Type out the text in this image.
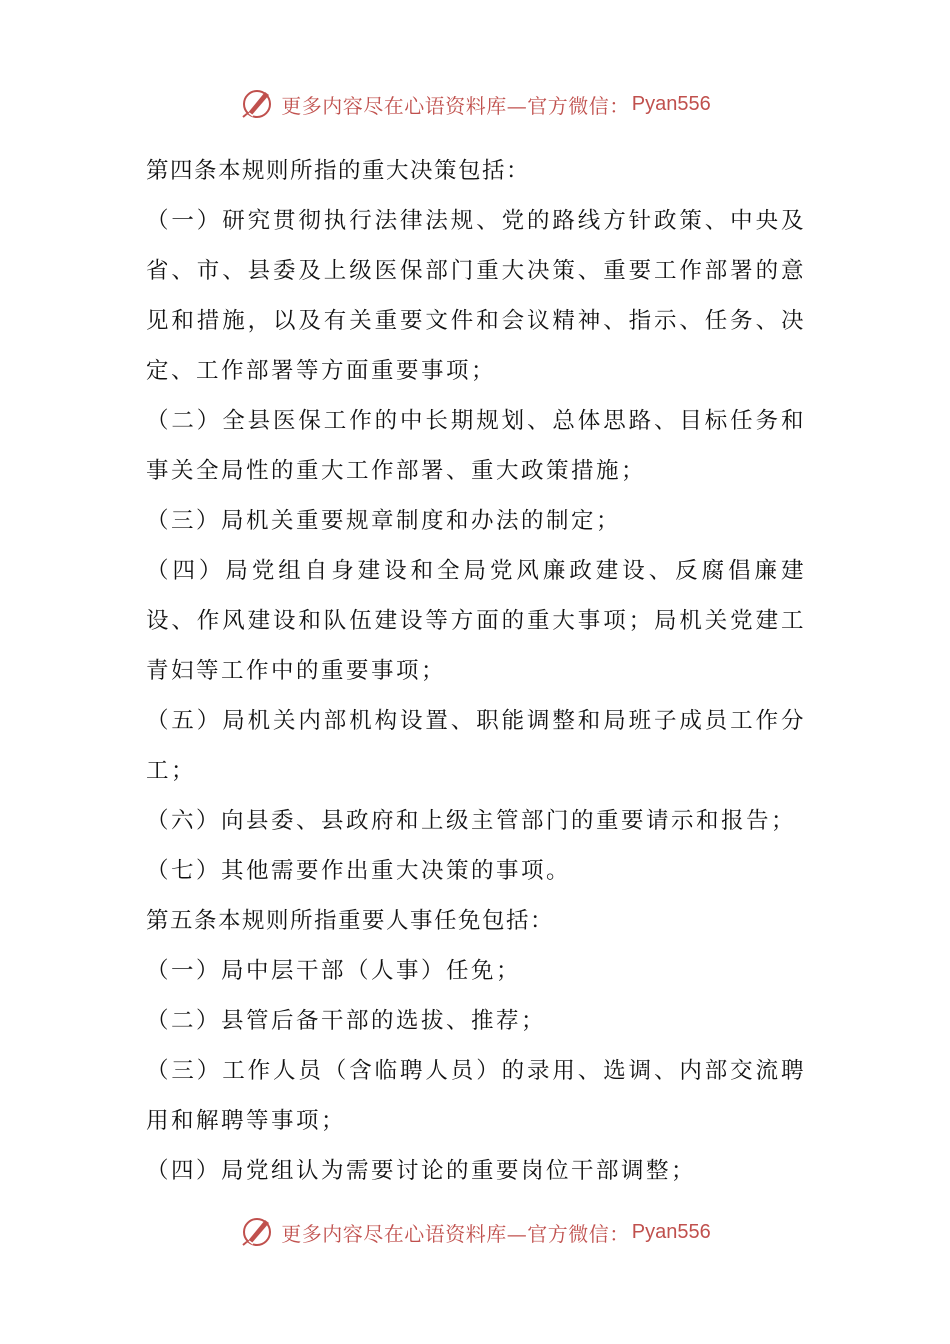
更多内容尽在心语资料库—官方微信： Pyan556

第四条本规则所指的重大决策包括：

（一）研究贯彻执行法律法规、党的路线方针政策、中央及省、市、县委及上级医保部门重大决策、重要工作部署的意见和措施，以及有关重要文件和会议精神、指示、任务、决定、工作部署等方面重要事项；

（二）全县医保工作的中长期规划、总体思路、目标任务和事关全局性的重大工作部署、重大政策措施；

（三）局机关重要规章制度和办法的制定；

（四）局党组自身建设和全局党风廉政建设、反腐倡廉建设、作风建设和队伍建设等方面的重大事项；局机关党建工青妇等工作中的重要事项；

（五）局机关内部机构设置、职能调整和局班子成员工作分工；

（六）向县委、县政府和上级主管部门的重要请示和报告；

（七）其他需要作出重大决策的事项。

第五条本规则所指重要人事任免包括：

（一）局中层干部（人事）任免；

（二）县管后备干部的选拔、推荐；

（三）工作人员（含临聘人员）的录用、选调、内部交流聘用和解聘等事项；

（四）局党组认为需要讨论的重要岗位干部调整；

更多内容尽在心语资料库—官方微信： Pyan556
